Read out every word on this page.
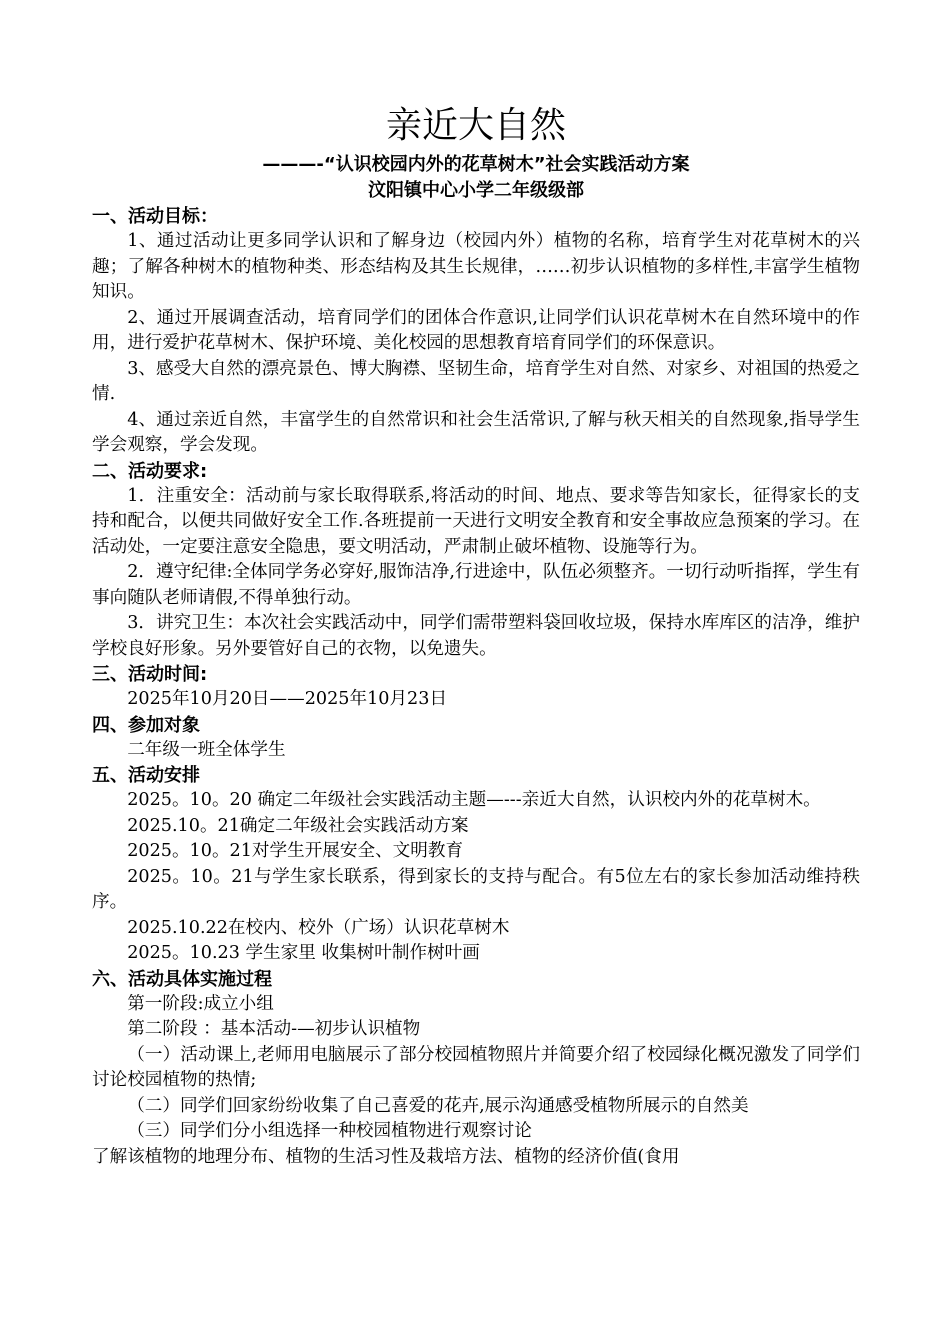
亲近大自然
———-“认识校园内外的花草树木”社会实践活动方案
汶阳镇中心小学二年级级部
一、活动目标：

1、通过活动让更多同学认识和了解身边（校园内外）植物的名称，培育学生对花草树木的兴趣；了解各种树木的植物种类、形态结构及其生长规律，……初步认识植物的多样性,丰富学生植物知识。

2、通过开展调查活动，培育同学们的团体合作意识,让同学们认识花草树木在自然环境中的作用，进行爱护花草树木、保护环境、美化校园的思想教育培育同学们的环保意识。

3、感受大自然的漂亮景色、博大胸襟、坚韧生命，培育学生对自然、对家乡、对祖国的热爱之情.

4、通过亲近自然，丰富学生的自然常识和社会生活常识,了解与秋天相关的自然现象,指导学生学会观察，学会发现。

二、活动要求:

1．注重安全：活动前与家长取得联系,将活动的时间、地点、要求等告知家长，征得家长的支持和配合，以便共同做好安全工作.各班提前一天进行文明安全教育和安全事故应急预案的学习。在活动处，一定要注意安全隐患，要文明活动，严肃制止破坏植物、设施等行为。

2．遵守纪律:全体同学务必穿好,服饰洁净,行进途中，队伍必须整齐。一切行动听指挥，学生有事向随队老师请假,不得单独行动。

3．讲究卫生：本次社会实践活动中，同学们需带塑料袋回收垃圾，保持水库库区的洁净，维护学校良好形象。另外要管好自己的衣物，以免遗失。

三、活动时间:

2025年10月20日——2025年10月23日

四、参加对象

二年级一班全体学生

五、活动安排

2025。10。20 确定二年级社会实践活动主题—---亲近大自然，认识校内外的花草树木。

2025.10。21确定二年级社会实践活动方案

2025。10。21对学生开展安全、文明教育

2025。10。21与学生家长联系，得到家长的支持与配合。有5位左右的家长参加活动维持秩序。

2025.10.22在校内、校外（广场）认识花草树木

2025。10.23 学生家里 收集树叶制作树叶画

六、活动具体实施过程

第一阶段:成立小组

第二阶段 ：基本活动-—初步认识植物

（一）活动课上,老师用电脑展示了部分校园植物照片并简要介绍了校园绿化概况激发了同学们讨论校园植物的热情;

（二）同学们回家纷纷收集了自己喜爱的花卉,展示沟通感受植物所展示的自然美

（三）同学们分小组选择一种校园植物进行观察讨论

了解该植物的地理分布、植物的生活习性及栽培方法、植物的经济价值(食用
